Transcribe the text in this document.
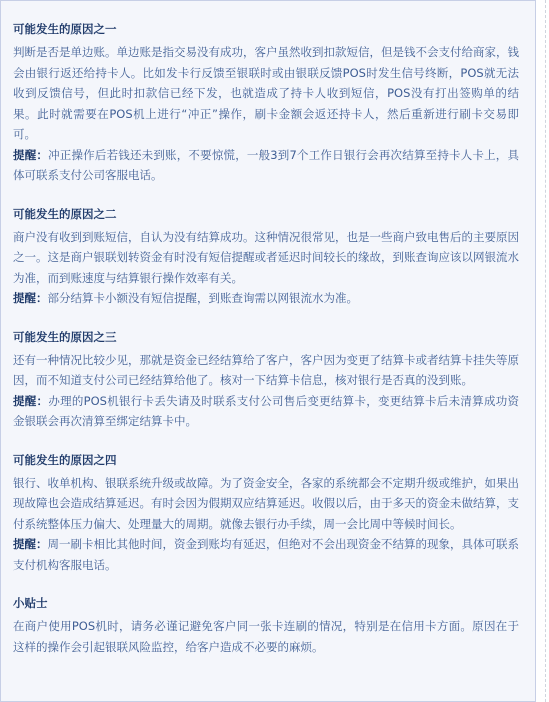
可能发生的原因之一

判断是否是单边账。单边账是指交易没有成功，客户虽然收到扣款短信，但是钱不会支付给商家，钱会由银行返还给持卡人。比如发卡行反馈至银联时或由银联反馈POS时发生信号终断，POS就无法收到反馈信号，但此时扣款信已经下发，也就造成了持卡人收到短信，POS没有打出签购单的结果。此时就需要在POS机上进行“冲正”操作，刷卡金额会返还持卡人，然后重新进行刷卡交易即可。

提醒：冲正操作后若钱还未到账，不要惊慌，一般3到7个工作日银行会再次结算至持卡人卡上，具体可联系支付公司客服电话。

可能发生的原因之二

商户没有收到到账短信，自认为没有结算成功。这种情况很常见，也是一些商户致电售后的主要原因之一。这是商户银联划转资金有时没有短信提醒或者延迟时间较长的缘故，到账查询应该以网银流水为准，而到账速度与结算银行操作效率有关。

提醒：部分结算卡小额没有短信提醒，到账查询需以网银流水为准。

可能发生的原因之三

还有一种情况比较少见，那就是资金已经结算给了客户，客户因为变更了结算卡或者结算卡挂失等原因，而不知道支付公司已经结算给他了。核对一下结算卡信息，核对银行是否真的没到账。

提醒：办理的POS机银行卡丢失请及时联系支付公司售后变更结算卡，变更结算卡后未清算成功资金银联会再次清算至绑定结算卡中。

可能发生的原因之四

银行、收单机构、银联系统升级或故障。为了资金安全，各家的系统都会不定期升级或维护，如果出现故障也会造成结算延迟。有时会因为假期双应结算延迟。收假以后，由于多天的资金未做结算，支付系统整体压力偏大、处理量大的周期。就像去银行办手续，周一会比周中等候时间长。

提醒：周一刷卡相比其他时间，资金到账均有延迟，但绝对不会出现资金不结算的现象，具体可联系支付机构客服电话。

小贴士

在商户使用POS机时，请务必谨记避免客户同一张卡连刷的情况，特别是在信用卡方面。原因在于这样的操作会引起银联风险监控，给客户造成不必要的麻烦。
